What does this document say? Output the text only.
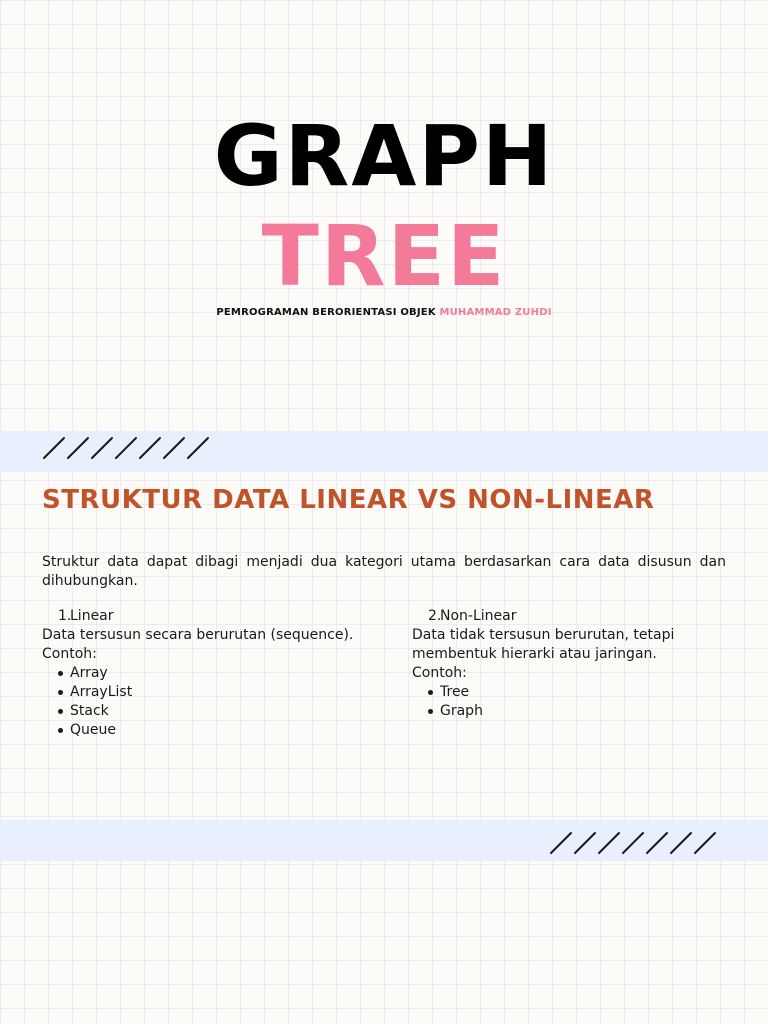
GRAPH
TREE
PEMROGRAMAN BERORIENTASI OBJEK MUHAMMAD ZUHDI
STRUKTUR DATA LINEAR VS NON-LINEAR
Struktur data dapat dibagi menjadi dua kategori utama berdasarkan cara data disusun dan dihubungkan.
1.Linear
Data tersusun secara berurutan (sequence).
Contoh:
Array
ArrayList
Stack
Queue
2.Non-Linear
Data tidak tersusun berurutan, tetapi membentuk hierarki atau jaringan.
Contoh:
Tree
Graph
